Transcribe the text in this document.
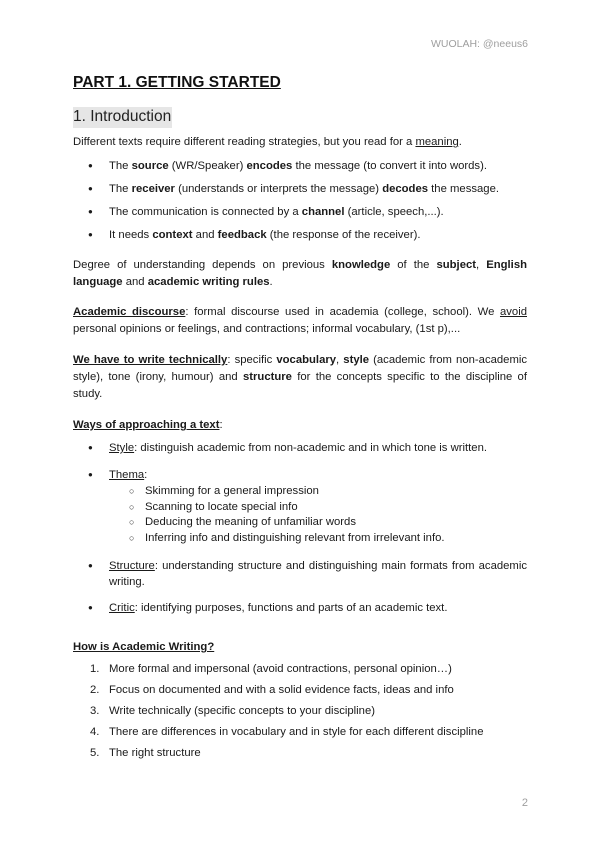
WUOLAH: @neeus6
PART 1. GETTING STARTED
1. Introduction
Different texts require different reading strategies, but you read for a meaning.
● The source (WR/Speaker) encodes the message (to convert it into words).
● The receiver (understands or interprets the message) decodes the message.
● The communication is connected by a channel (article, speech,...).
● It needs context and feedback (the response of the receiver).
Degree of understanding depends on previous knowledge of the subject, English language and academic writing rules.
Academic discourse: formal discourse used in academia (college, school). We avoid personal opinions or feelings, and contractions; informal vocabulary, (1st p),...
We have to write technically: specific vocabulary, style (academic from non-academic style), tone (irony, humour) and structure for the concepts specific to the discipline of study.
Ways of approaching a text:
● Style: distinguish academic from non-academic and in which tone is written.
● Thema:
○ Skimming for a general impression
○ Scanning to locate special info
○ Deducing the meaning of unfamiliar words
○ Inferring info and distinguishing relevant from irrelevant info.
● Structure: understanding structure and distinguishing main formats from academic writing.
● Critic: identifying purposes, functions and parts of an academic text.
How is Academic Writing?
1. More formal and impersonal (avoid contractions, personal opinion…)
2. Focus on documented and with a solid evidence facts, ideas and info
3. Write technically (specific concepts to your discipline)
4. There are differences in vocabulary and in style for each different discipline
5. The right structure
2
